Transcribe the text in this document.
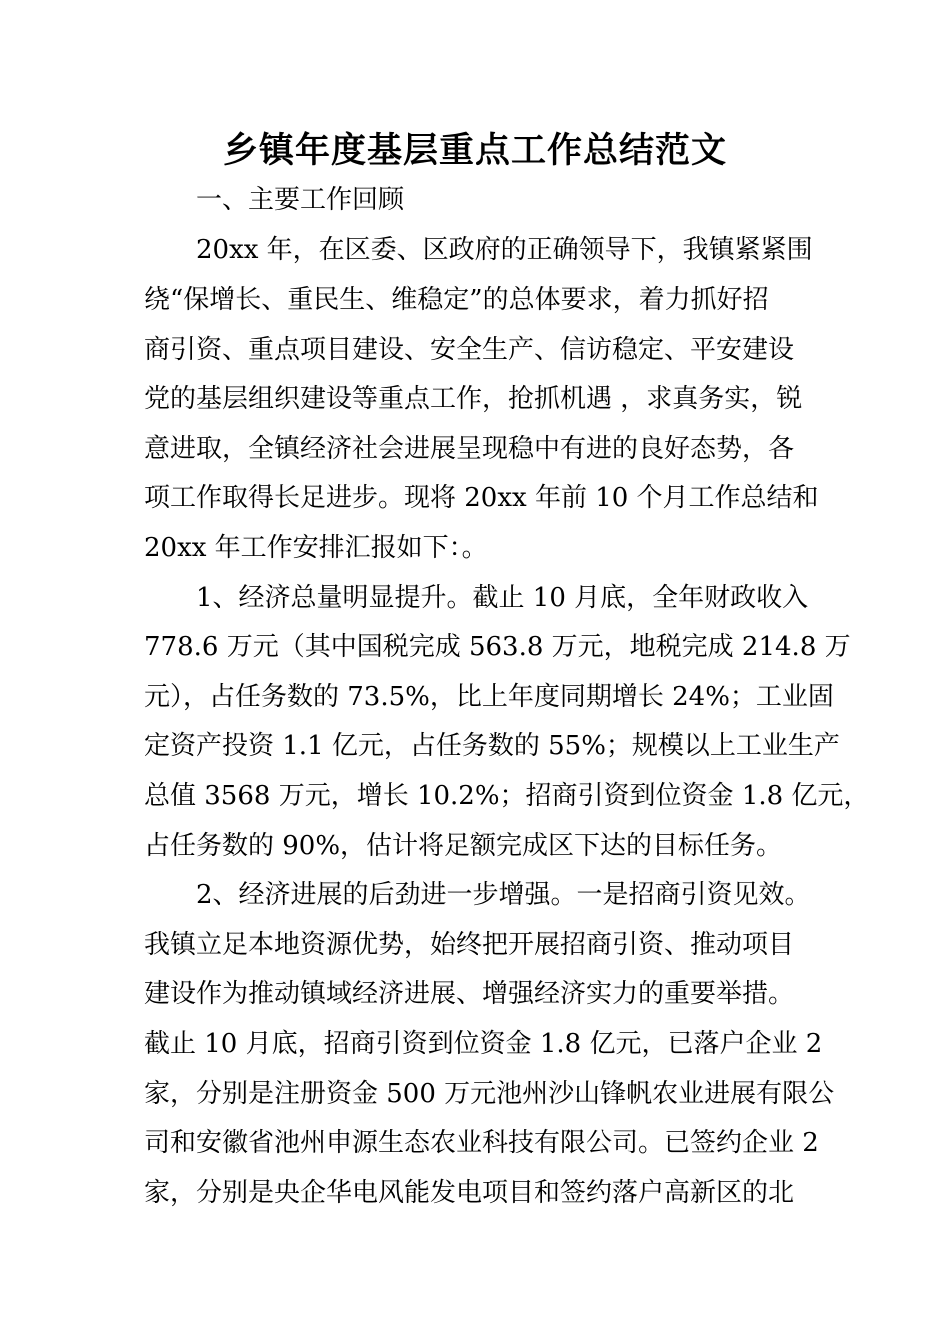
乡镇年度基层重点工作总结范文
一、主要工作回顾
20xx 年，在区委、区政府的正确领导下，我镇紧紧围
绕“保增长、重民生、维稳定”的总体要求，着力抓好招
商引资、重点项目建设、安全生产、信访稳定、平安建设
党的基层组织建设等重点工作，抢抓机遇 ，求真务实，锐
意进取，全镇经济社会进展呈现稳中有进的良好态势，各
项工作取得长足进步。现将 20xx 年前 10 个月工作总结和
20xx 年工作安排汇报如下：。
1、经济总量明显提升。截止 10 月底，全年财政收入
778.6 万元（其中国税完成 563.8 万元，地税完成 214.8 万
元），占任务数的 73.5%，比上年度同期增长 24%；工业固
定资产投资 1.1 亿元，占任务数的 55%；规模以上工业生产
总值 3568 万元，增长 10.2%；招商引资到位资金 1.8 亿元，
占任务数的 90%，估计将足额完成区下达的目标任务。
2、经济进展的后劲进一步增强。一是招商引资见效。
我镇立足本地资源优势，始终把开展招商引资、推动项目
建设作为推动镇域经济进展、增强经济实力的重要举措。
截止 10 月底，招商引资到位资金 1.8 亿元，已落户企业 2
家，分别是注册资金 500 万元池州沙山锋帆农业进展有限公
司和安徽省池州申源生态农业科技有限公司。已签约企业 2
家，分别是央企华电风能发电项目和签约落户高新区的北
